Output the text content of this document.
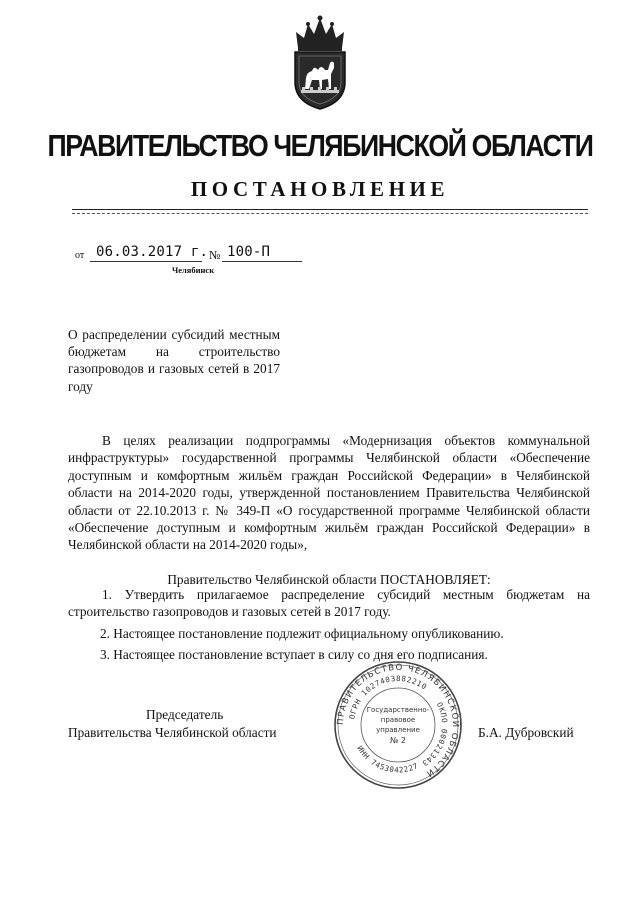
ПРАВИТЕЛЬСТВО ЧЕЛЯБИНСКОЙ ОБЛАСТИ
ПОСТАНОВЛЕНИЕ
от 06.03.2017 г. № 100-П
Челябинск
О распределении субсидий местным бюджетам на строительство газопроводов и газовых сетей в 2017 году
В целях реализации подпрограммы «Модернизация объектов коммунальной инфраструктуры» государственной программы Челябинской области «Обеспечение доступным и комфортным жильём граждан Российской Федерации» в Челябинской области на 2014-2020 годы, утвержденной постановлением Правительства Челябинской области от 22.10.2013 г. № 349-П «О государственной программе Челябинской области «Обеспечение доступным и комфортным жильём граждан Российской Федерации» в Челябинской области на 2014-2020 годы»,
Правительство Челябинской области ПОСТАНОВЛЯЕТ:
1. Утвердить прилагаемое распределение субсидий местным бюджетам на строительство газопроводов и газовых сетей в 2017 году.
2. Настоящее постановление подлежит официальному опубликованию.
3. Настоящее постановление вступает в силу со дня его подписания.
Председатель
Правительства Челябинской области	Б.А. Дубровский
ПРАВИТЕЛЬСТВО ЧЕЛЯБИНСКОЙ ОБЛАСТИ
ОГРН 1027403882210
ОКПО 00021343
ИНН 7453042227
Государственно-
правовое
управление
№ 2
